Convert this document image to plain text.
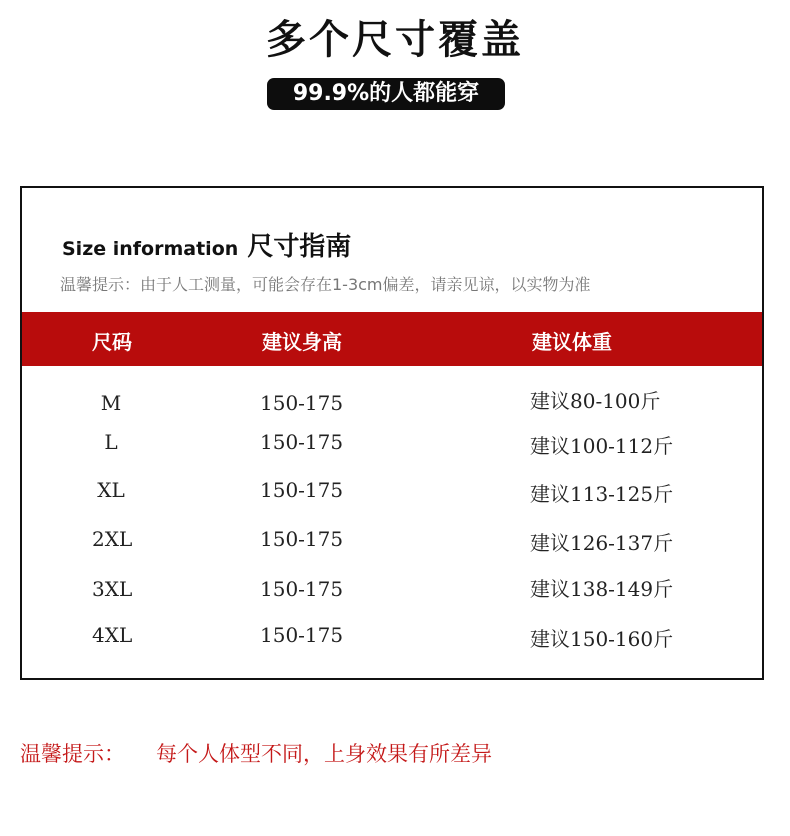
多个尺寸覆盖
99.9%的人都能穿
Size information 尺寸指南
温馨提示：由于人工测量，可能会存在1-3cm偏差，请亲见谅，以实物为准
尺码	建议身高	建议体重
M	150-175	建议80-100斤
L	150-175	建议100-112斤
XL	150-175	建议113-125斤
2XL	150-175	建议126-137斤
3XL	150-175	建议138-149斤
4XL	150-175	建议150-160斤
温馨提示： 每个人体型不同，上身效果有所差异
